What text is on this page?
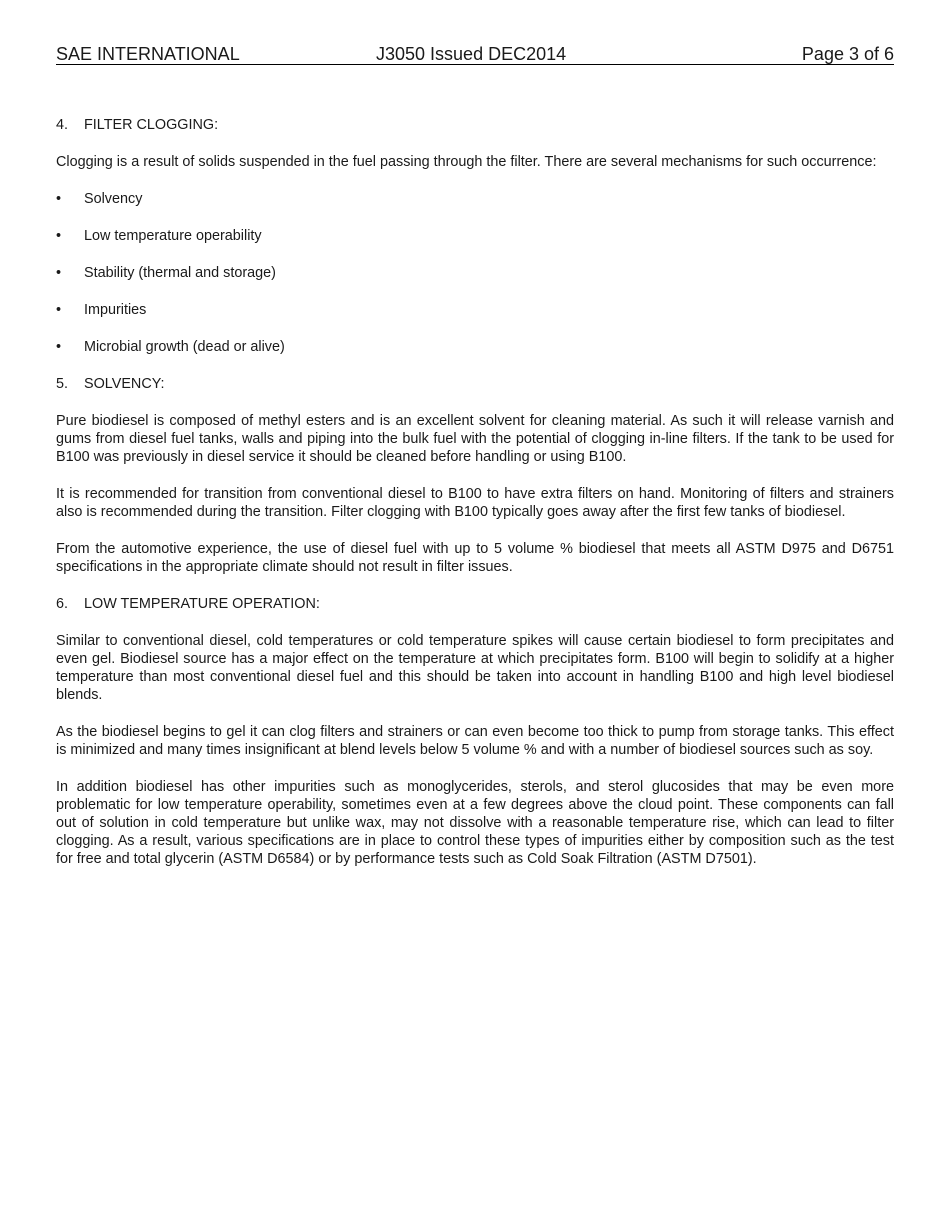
SAE INTERNATIONAL	J3050 Issued DEC2014	Page 3 of 6
4. FILTER CLOGGING:

Clogging is a result of solids suspended in the fuel passing through the filter. There are several mechanisms for such occurrence:

•	Solvency
•	Low temperature operability
•	Stability (thermal and storage)
•	Impurities
•	Microbial growth (dead or alive)
5. SOLVENCY:

Pure biodiesel is composed of methyl esters and is an excellent solvent for cleaning material. As such it will release varnish and gums from diesel fuel tanks, walls and piping into the bulk fuel with the potential of clogging in-line filters. If the tank to be used for B100 was previously in diesel service it should be cleaned before handling or using B100.

It is recommended for transition from conventional diesel to B100 to have extra filters on hand. Monitoring of filters and strainers also is recommended during the transition. Filter clogging with B100 typically goes away after the first few tanks of biodiesel.

From the automotive experience, the use of diesel fuel with up to 5 volume % biodiesel that meets all ASTM D975 and D6751 specifications in the appropriate climate should not result in filter issues.

6. LOW TEMPERATURE OPERATION:

Similar to conventional diesel, cold temperatures or cold temperature spikes will cause certain biodiesel to form precipitates and even gel. Biodiesel source has a major effect on the temperature at which precipitates form. B100 will begin to solidify at a higher temperature than most conventional diesel fuel and this should be taken into account in handling B100 and high level biodiesel blends.

As the biodiesel begins to gel it can clog filters and strainers or can even become too thick to pump from storage tanks. This effect is minimized and many times insignificant at blend levels below 5 volume % and with a number of biodiesel sources such as soy.

In addition biodiesel has other impurities such as monoglycerides, sterols, and sterol glucosides that may be even more problematic for low temperature operability, sometimes even at a few degrees above the cloud point. These components can fall out of solution in cold temperature but unlike wax, may not dissolve with a reasonable temperature rise, which can lead to filter clogging. As a result, various specifications are in place to control these types of impurities either by composition such as the test for free and total glycerin (ASTM D6584) or by performance tests such as Cold Soak Filtration (ASTM D7501).
